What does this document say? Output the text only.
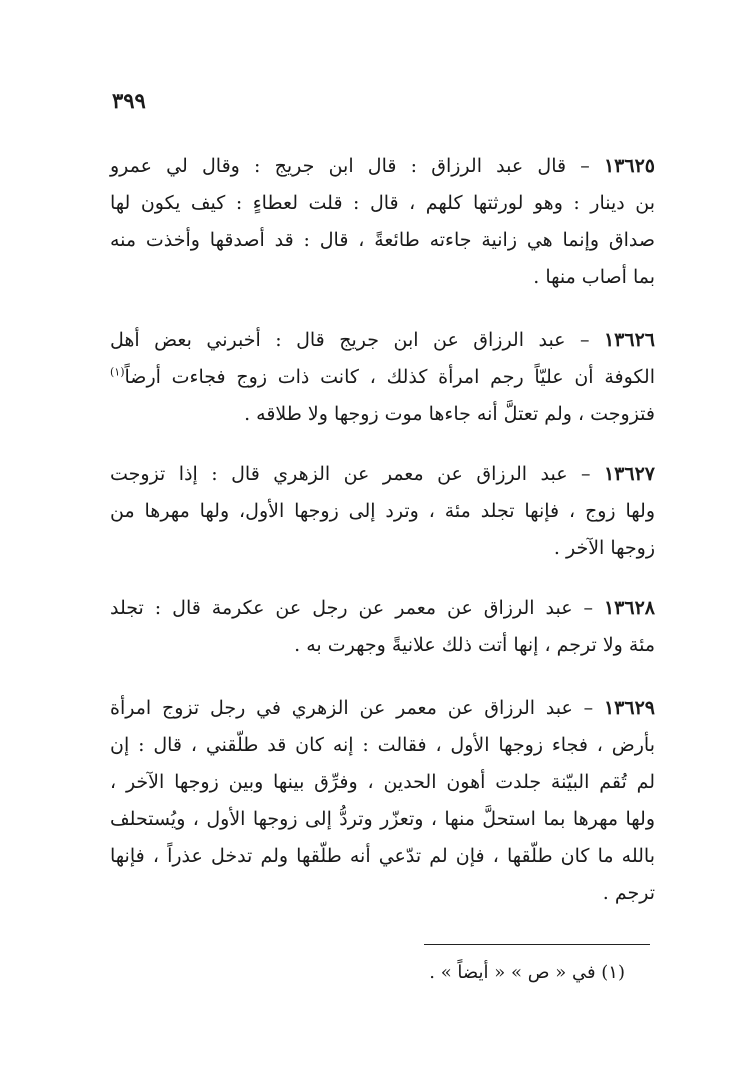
٣٩٩
١٣٦٢٥ – قال عبد الرزاق : قال ابن جريج : وقال لي عمرو
بن دينار : وهو لورثتها كلهم ، قال : قلت لعطاءٍ : كيف يكون لها
صداق وإنما هي زانية جاءته طائعةً ، قال : قد أصدقها وأخذت منه
بما أصاب منها .
١٣٦٢٦ – عبد الرزاق عن ابن جريج قال : أخبرني بعض أهل
الكوفة أن عليّاً رجم امرأة كذلك ، كانت ذات زوج فجاءت أرضاً$^{(١)}$
فتزوجت ، ولم تعتلَّ أنه جاءها موت زوجها ولا طلاقه .
١٣٦٢٧ – عبد الرزاق عن معمر عن الزهري قال : إذا تزوجت
ولها زوج ، فإنها تجلد مئة ، وترد إلى زوجها الأول، ولها مهرها من
زوجها الآخر .
١٣٦٢٨ – عبد الرزاق عن معمر عن رجل عن عكرمة قال : تجلد
مئة ولا ترجم ، إنها أتت ذلك علانيةً وجهرت به .
١٣٦٢٩ – عبد الرزاق عن معمر عن الزهري في رجل تزوج امرأة
بأرض ، فجاء زوجها الأول ، فقالت : إنه كان قد طلّقني ، قال : إن
لم تُقم البيّنة جلدت أهون الحدين ، وفرِّق بينها وبين زوجها الآخر ،
ولها مهرها بما استحلَّ منها ، وتعزّر وتردُّ إلى زوجها الأول ، ويُستحلف
بالله ما كان طلّقها ، فإن لم تدّعي أنه طلّقها ولم تدخل عذراً ، فإنها
ترجم .
(١) في « ص » « أيضاً » .
